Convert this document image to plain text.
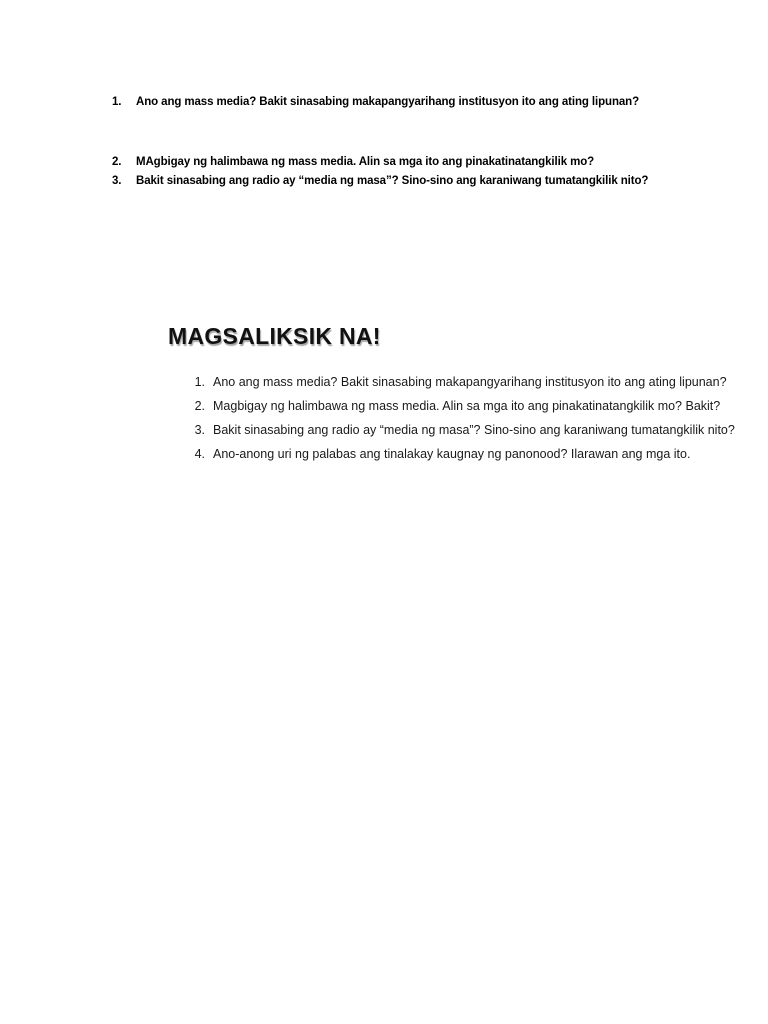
1.	Ano ang mass media? Bakit sinasabing makapangyarihang institusyon ito ang ating lipunan?
2.	MAgbigay ng halimbawa ng mass media. Alin sa mga ito ang pinakatinatangkilik mo?
3.	Bakit sinasabing ang radio ay “media ng masa”? Sino-sino ang karaniwang tumatangkilik nito?
MAGSALIKSIK NA!
1. Ano ang mass media? Bakit sinasabing makapangyarihang institusyon ito ang ating lipunan?
2. Magbigay ng halimbawa ng mass media. Alin sa mga ito ang pinakatinatangkilik mo? Bakit?
3. Bakit sinasabing ang radio ay “media ng masa”? Sino-sino ang karaniwang tumatangkilik nito?
4. Ano-anong uri ng palabas ang tinalakay kaugnay ng panonood? Ilarawan ang mga ito.
